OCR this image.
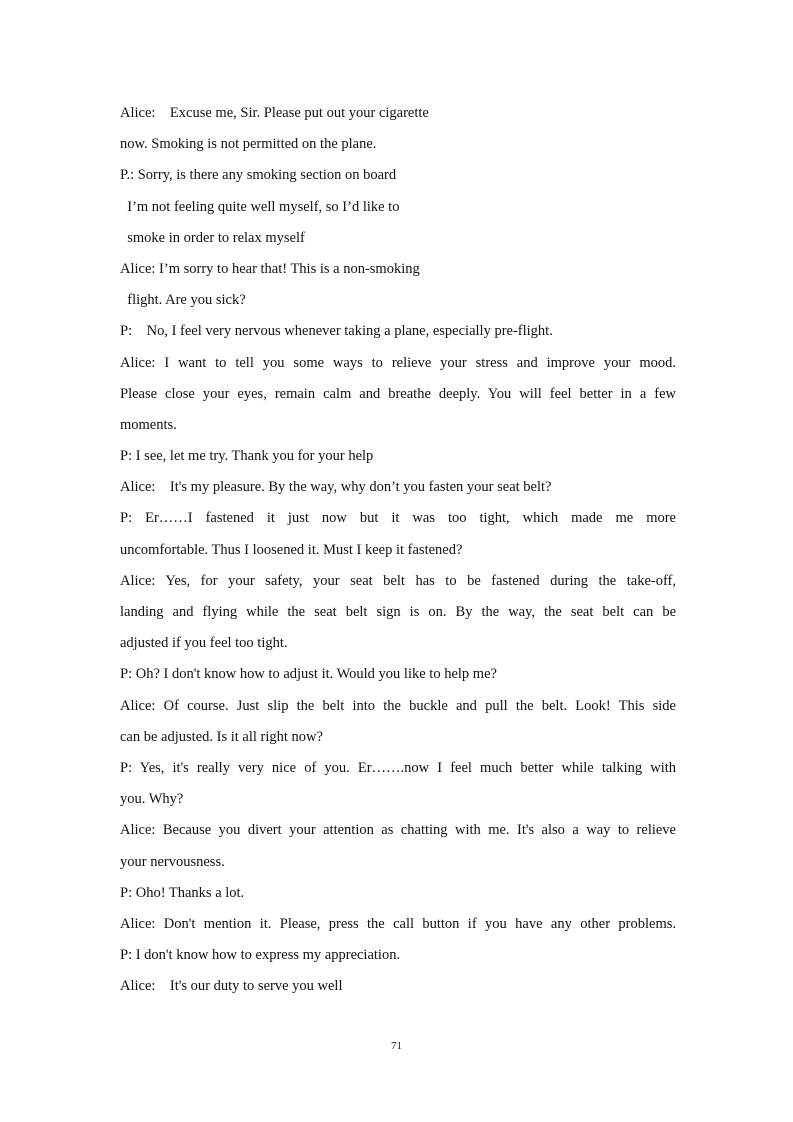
Alice:    Excuse me, Sir. Please put out your cigarette
now. Smoking is not permitted on the plane.
P.: Sorry, is there any smoking section on board
I’m not feeling quite well myself, so I’d like to
smoke in order to relax myself
Alice: I’m sorry to hear that! This is a non-smoking
flight. Are you sick?
P:    No, I feel very nervous whenever taking a plane, especially pre-flight.
Alice: I want to tell you some ways to relieve your stress and improve your mood.
Please close your eyes, remain calm and breathe deeply. You will feel better in a few
moments.
P: I see, let me try. Thank you for your help
Alice:    It's my pleasure. By the way, why don’t you fasten your seat belt?
P: Er……I fastened it just now but it was too tight, which made me more
uncomfortable. Thus I loosened it. Must I keep it fastened?
Alice: Yes, for your safety, your seat belt has to be fastened during the take-off,
landing and flying while the seat belt sign is on. By the way, the seat belt can be
adjusted if you feel too tight.
P: Oh? I don't know how to adjust it. Would you like to help me?
Alice: Of course. Just slip the belt into the buckle and pull the belt. Look! This side
can be adjusted. Is it all right now?
P: Yes, it's really very nice of you. Er…….now I feel much better while talking with
you. Why?
Alice: Because you divert your attention as chatting with me. It's also a way to relieve
your nervousness.
P: Oho! Thanks a lot.
Alice: Don't mention it. Please, press the call button if you have any other problems.
P: I don't know how to express my appreciation.
Alice:    It's our duty to serve you well
71
